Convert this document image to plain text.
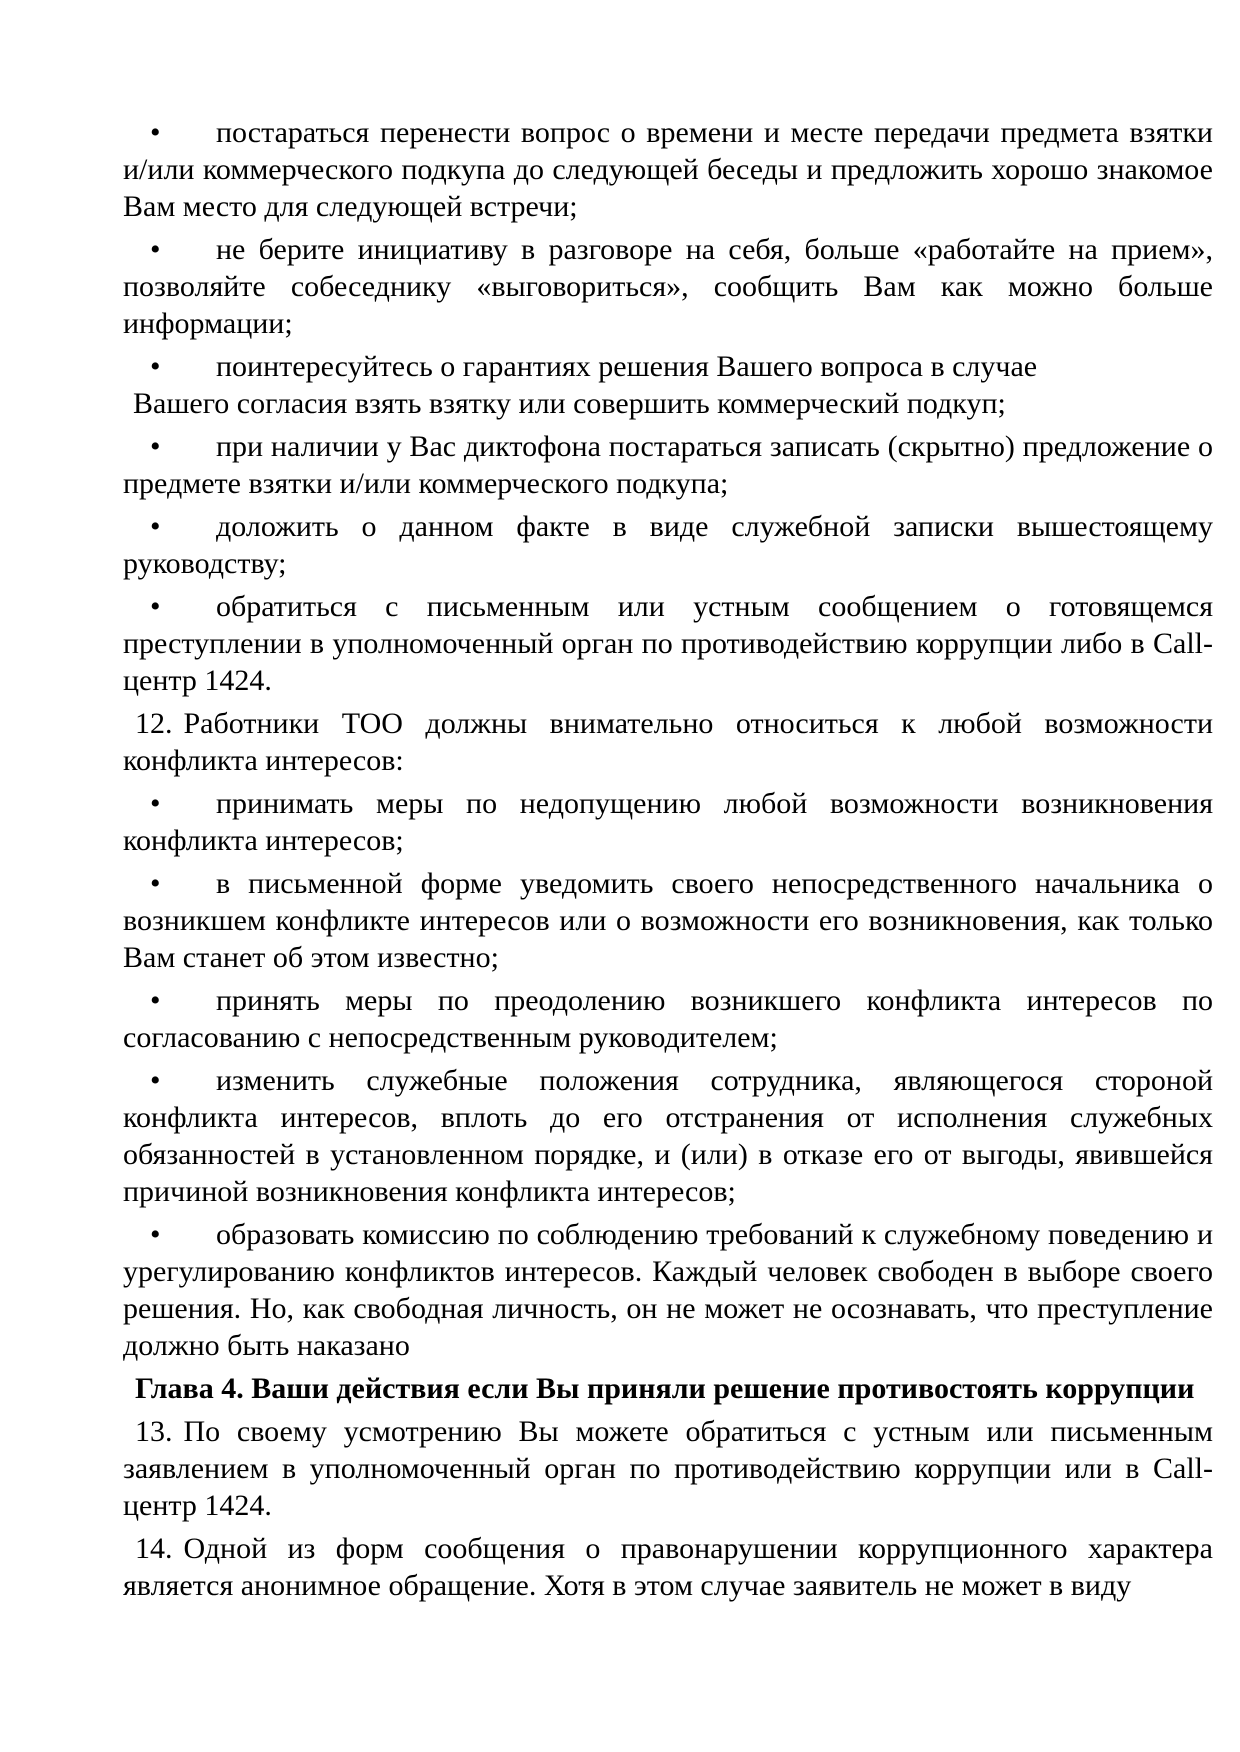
• постараться перенести вопрос о времени и месте передачи предмета взятки и/или коммерческого подкупа до следующей беседы и предложить хорошо знакомое Вам место для следующей встречи;

• не берите инициативу в разговоре на себя, больше «работайте на прием», позволяйте собеседнику «выговориться», сообщить Вам как можно больше информации;

• поинтересуйтесь о гарантиях решения Вашего вопроса в случае
Вашего согласия взять взятку или совершить коммерческий подкуп;

• при наличии у Вас диктофона постараться записать (скрытно) предложение о предмете взятки и/или коммерческого подкупа;

• доложить о данном факте в виде служебной записки вышестоящему руководству;

• обратиться с письменным или устным сообщением о готовящемся преступлении в уполномоченный орган по противодействию коррупции либо в Call-центр 1424.

12. Работники ТОО должны внимательно относиться к любой возможности конфликта интересов:

• принимать меры по недопущению любой возможности возникновения конфликта интересов;

• в письменной форме уведомить своего непосредственного начальника о возникшем конфликте интересов или о возможности его возникновения, как только Вам станет об этом известно;

• принять меры по преодолению возникшего конфликта интересов по согласованию с непосредственным руководителем;

• изменить служебные положения сотрудника, являющегося стороной конфликта интересов, вплоть до его отстранения от исполнения служебных обязанностей в установленном порядке, и (или) в отказе его от выгоды, явившейся причиной возникновения конфликта интересов;

• образовать комиссию по соблюдению требований к служебному поведению и урегулированию конфликтов интересов. Каждый человек свободен в выборе своего решения. Но, как свободная личность, он не может не осознавать, что преступление должно быть наказано

Глава 4. Ваши действия если Вы приняли решение противостоять коррупции

13. По своему усмотрению Вы можете обратиться с устным или письменным заявлением в уполномоченный орган по противодействию коррупции или в Call-центр 1424.

14. Одной из форм сообщения о правонарушении коррупционного характера является анонимное обращение. Хотя в этом случае заявитель не может в виду
